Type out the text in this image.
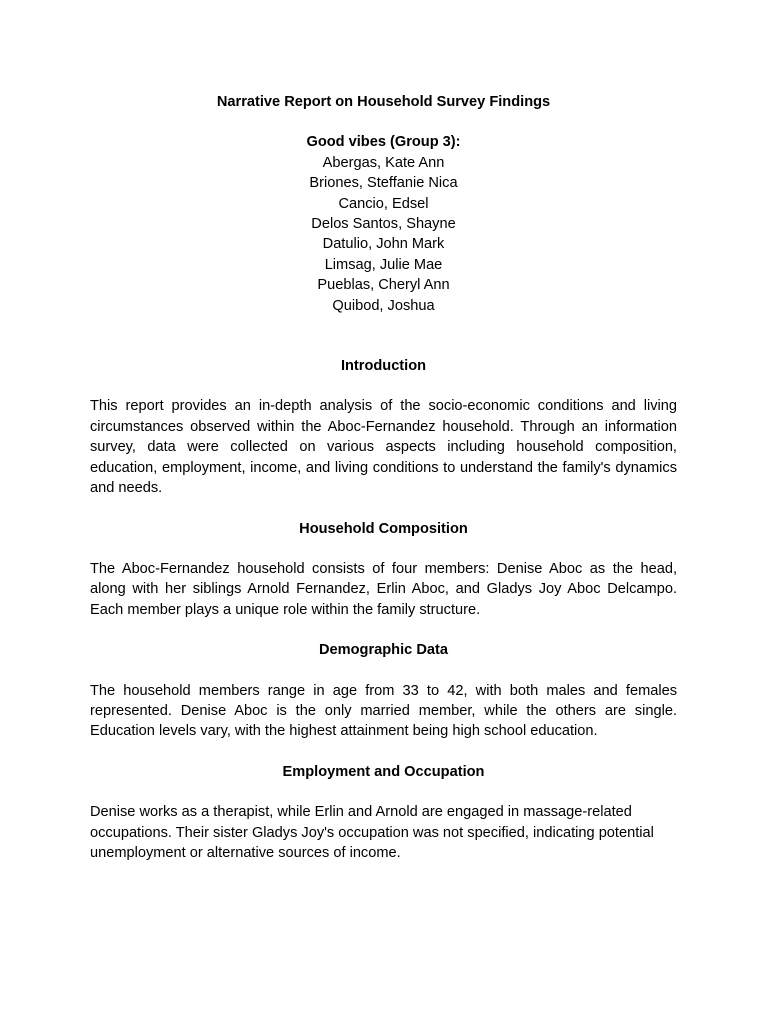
Narrative Report on Household Survey Findings

Good vibes (Group 3):

Abergas, Kate Ann
Briones, Steffanie Nica
Cancio, Edsel
Delos Santos, Shayne
Datulio, John Mark
Limsag, Julie Mae
Pueblas, Cheryl Ann
Quibod, Joshua

Introduction

This report provides an in-depth analysis of the socio-economic conditions and living circumstances observed within the Aboc-Fernandez household. Through an information survey, data were collected on various aspects including household composition, education, employment, income, and living conditions to understand the family's dynamics and needs.

Household Composition

The Aboc-Fernandez household consists of four members: Denise Aboc as the head, along with her siblings Arnold Fernandez, Erlin Aboc, and Gladys Joy Aboc Delcampo. Each member plays a unique role within the family structure.

Demographic Data

The household members range in age from 33 to 42, with both males and females represented. Denise Aboc is the only married member, while the others are single. Education levels vary, with the highest attainment being high school education.

Employment and Occupation

Denise works as a therapist, while Erlin and Arnold are engaged in massage-related occupations. Their sister Gladys Joy's occupation was not specified, indicating potential unemployment or alternative sources of income.
